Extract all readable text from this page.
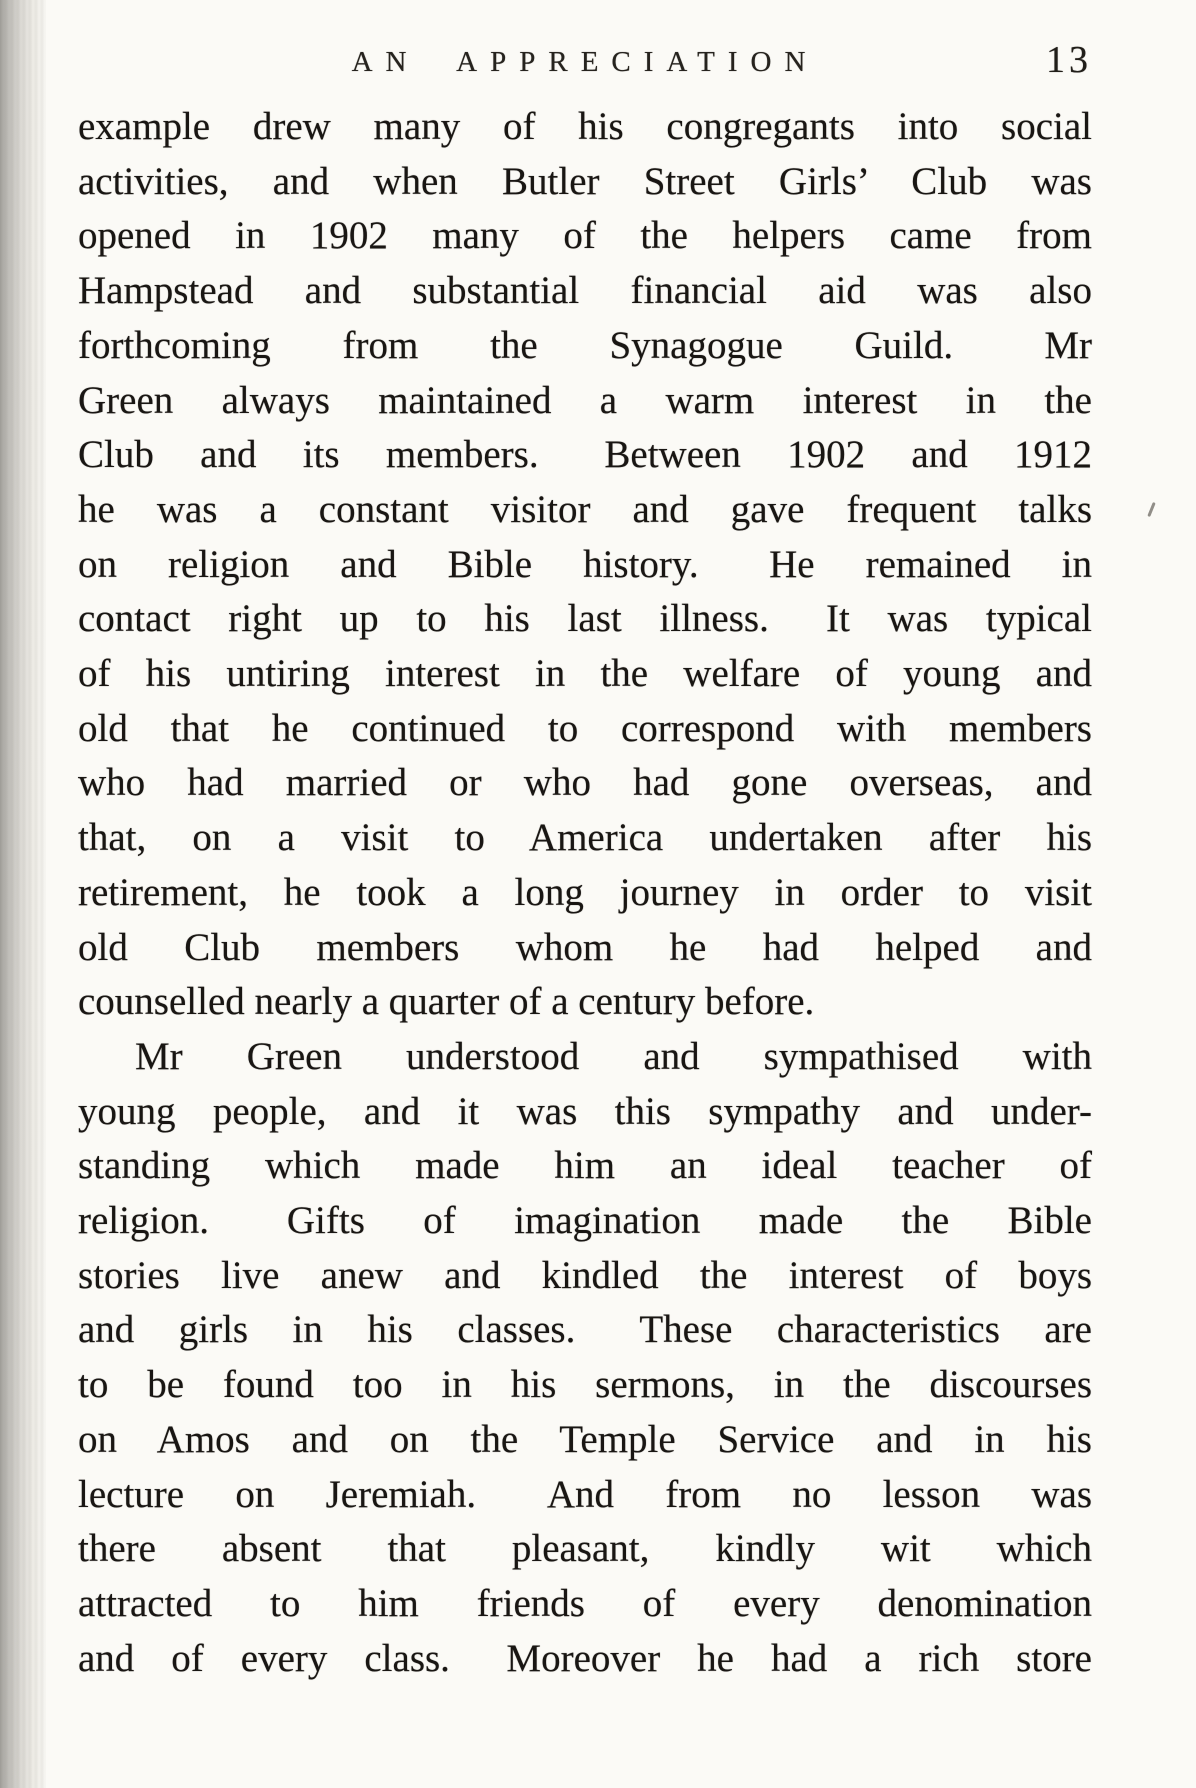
AN APPRECIATION	13
example drew many of his congregants into social
activities, and when Butler Street Girls’ Club was
opened in 1902 many of the helpers came from
Hampstead and substantial financial aid was also
forthcoming from the Synagogue Guild.  Mr
Green always maintained a warm interest in the
Club and its members.  Between 1902 and 1912
he was a constant visitor and gave frequent talks
on religion and Bible history.  He remained in
contact right up to his last illness.  It was typical
of his untiring interest in the welfare of young and
old that he continued to correspond with members
who had married or who had gone overseas, and
that, on a visit to America undertaken after his
retirement, he took a long journey in order to visit
old Club members whom he had helped and
counselled nearly a quarter of a century before.
Mr Green understood and sympathised with
young people, and it was this sympathy and under-
standing which made him an ideal teacher of
religion.  Gifts of imagination made the Bible
stories live anew and kindled the interest of boys
and girls in his classes.  These characteristics are
to be found too in his sermons, in the discourses
on Amos and on the Temple Service and in his
lecture on Jeremiah.  And from no lesson was
there absent that pleasant, kindly wit which
attracted to him friends of every denomination
and of every class.  Moreover he had a rich store
